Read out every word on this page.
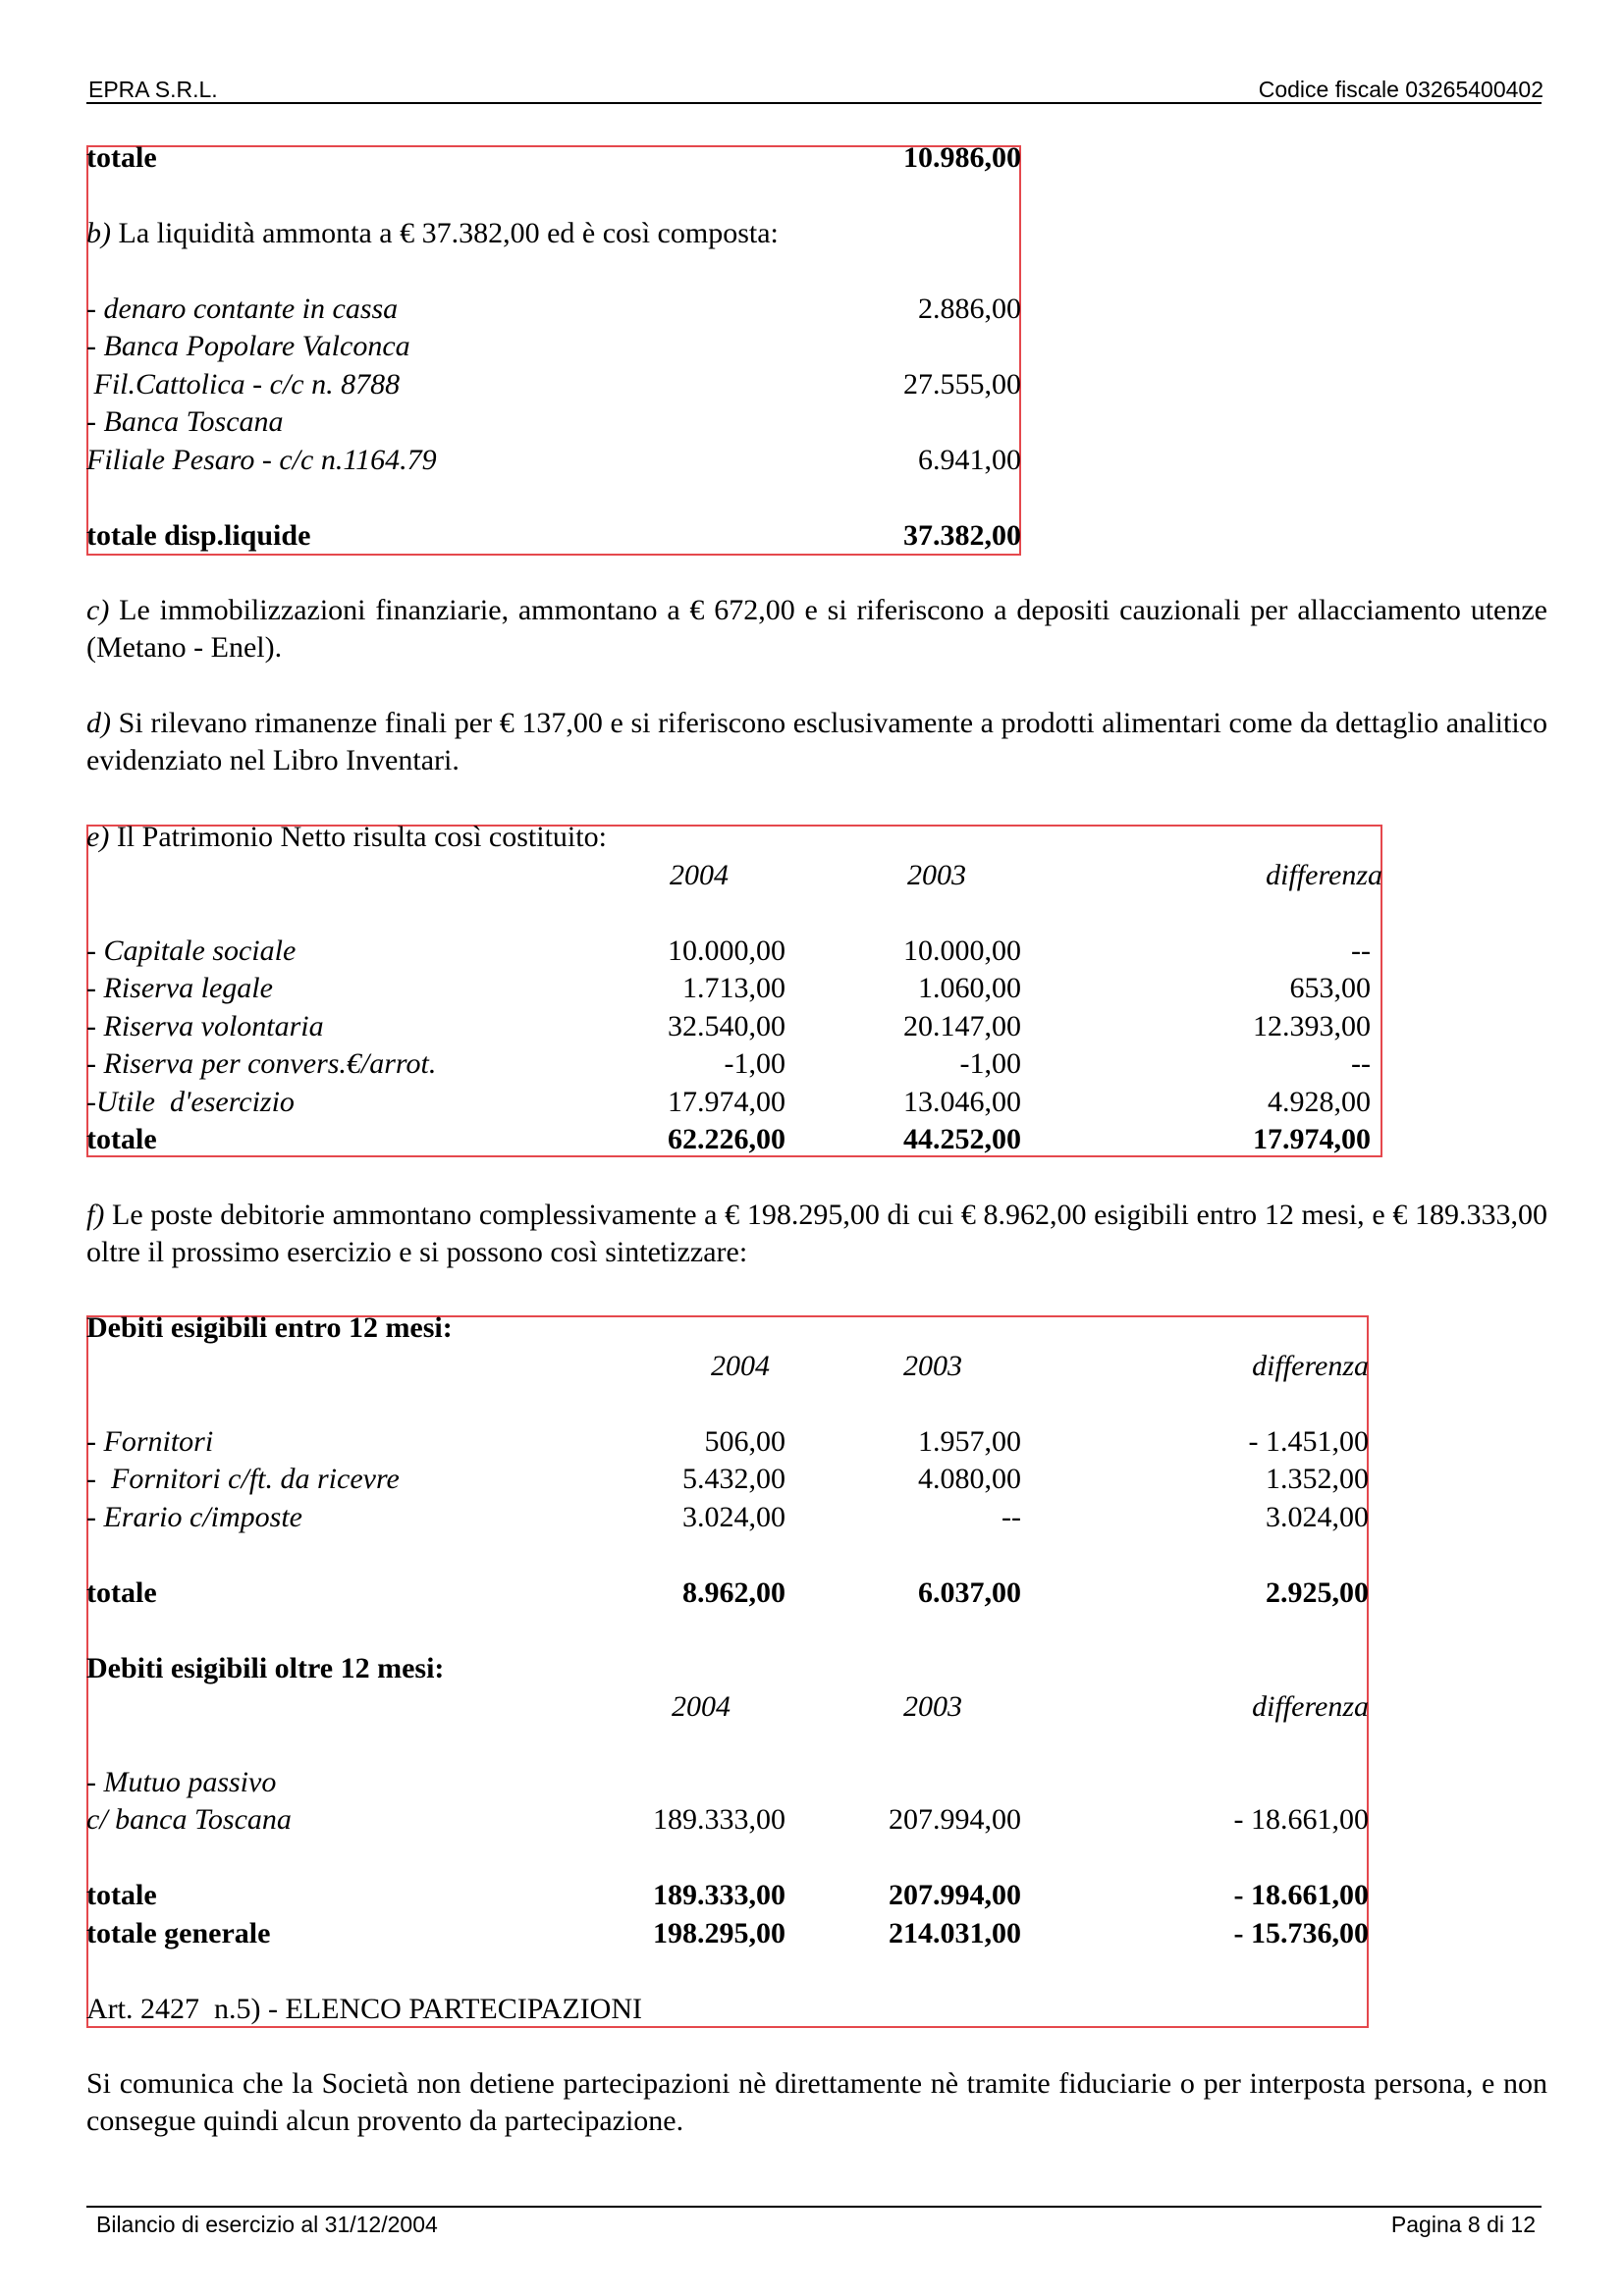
EPRA S.R.L.	Codice fiscale 03265400402
totale	10.986,00
b) La liquidità ammonta a € 37.382,00 ed è così composta:
- denaro contante in cassa	2.886,00
- Banca Popolare Valconca
Fil.Cattolica - c/c n. 8788	27.555,00
- Banca Toscana
Filiale Pesaro - c/c n.1164.79	6.941,00
totale disp.liquide	37.382,00
c) Le immobilizzazioni finanziarie, ammontano a € 672,00 e si riferiscono a depositi cauzionali per allacciamento utenze (Metano - Enel).
d) Si rilevano rimanenze finali per € 137,00 e si riferiscono esclusivamente a prodotti alimentari come da dettaglio analitico evidenziato nel Libro Inventari.
e) Il Patrimonio Netto risulta così costituito:
2004	2003	differenza
- Capitale sociale	10.000,00	10.000,00	--
- Riserva legale	1.713,00	1.060,00	653,00
- Riserva volontaria	32.540,00	20.147,00	12.393,00
- Riserva per convers.€/arrot.	-1,00	-1,00	--
-Utile  d'esercizio	17.974,00	13.046,00	4.928,00
totale	62.226,00	44.252,00	17.974,00
f) Le poste debitorie ammontano complessivamente a € 198.295,00 di cui € 8.962,00 esigibili entro 12 mesi, e € 189.333,00 oltre il prossimo esercizio e si possono così sintetizzare:
Debiti esigibili entro 12 mesi:
2004	2003	differenza
- Fornitori	506,00	1.957,00	- 1.451,00
-  Fornitori c/ft. da ricevre	5.432,00	4.080,00	1.352,00
- Erario c/imposte	3.024,00	--	3.024,00
totale	8.962,00	6.037,00	2.925,00
Debiti esigibili oltre 12 mesi:
2004	2003	differenza
- Mutuo passivo
c/ banca Toscana	189.333,00	207.994,00	- 18.661,00
totale	189.333,00	207.994,00	- 18.661,00
totale generale	198.295,00	214.031,00	- 15.736,00
Art. 2427  n.5) - ELENCO PARTECIPAZIONI
Si comunica che la Società non detiene partecipazioni nè direttamente nè tramite fiduciarie o per interposta persona, e non consegue quindi alcun provento da partecipazione.
Bilancio di esercizio al 31/12/2004	Pagina 8 di 12
